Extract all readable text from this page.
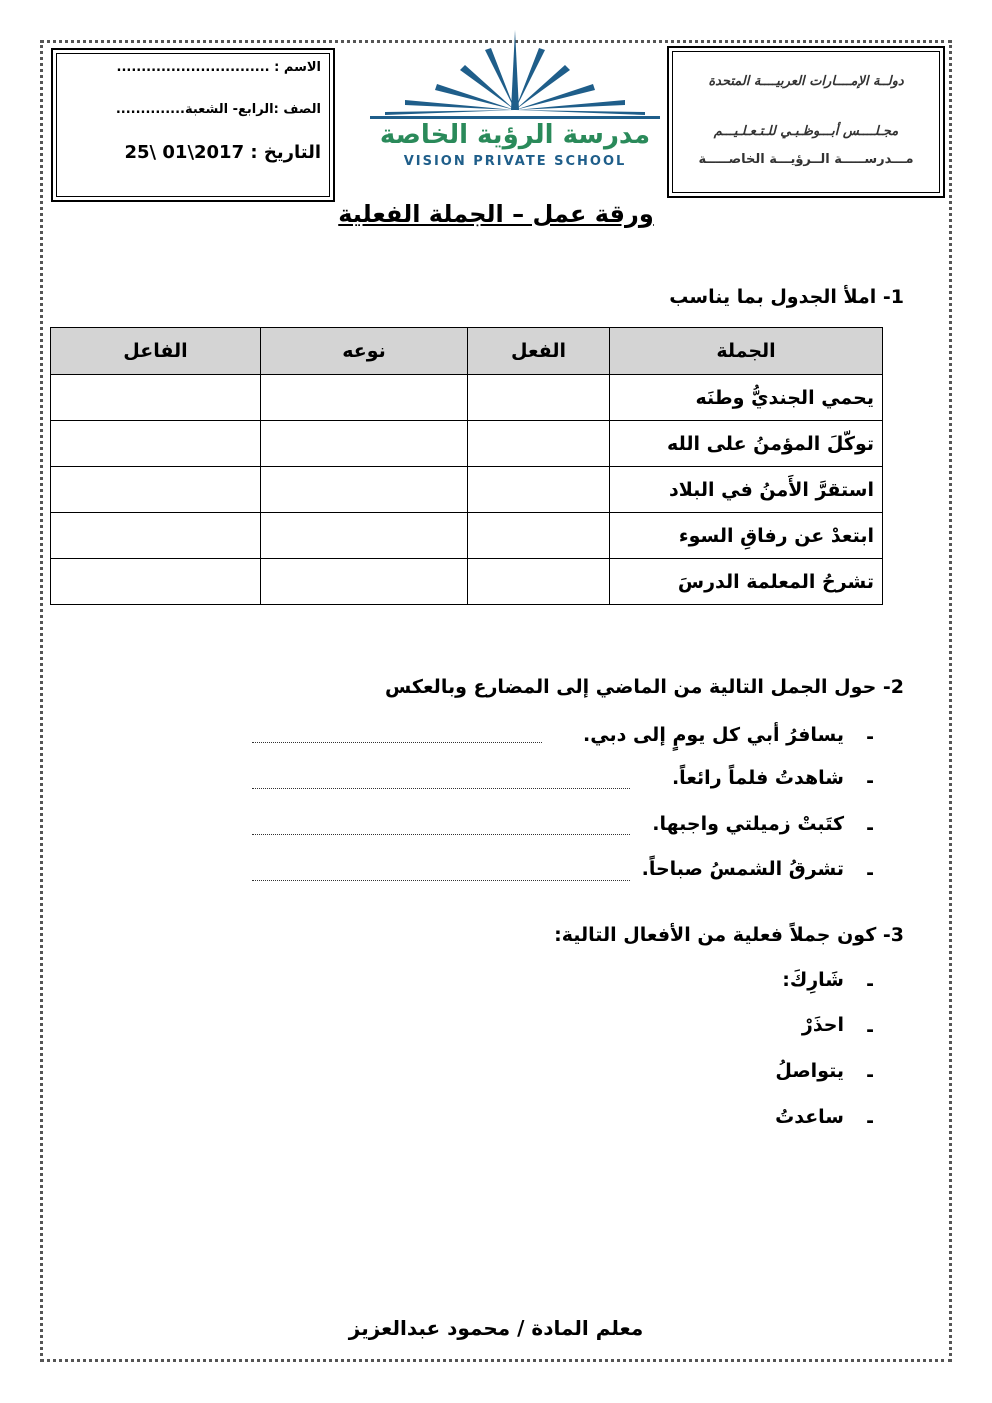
الاسم : ...............................
الصف :الرابع- الشعبة..............
التاريخ : 25\ 01\2017
مدرسة الرؤية الخاصة
VISION PRIVATE SCHOOL
دولــة الإمــــارات العربيــــة المتحدة
مجـلــــس أبـــوظـبـي للـتـعـلـيـــم
مـــدرســـــة الــرؤيـــة الخاصـــــة
ورقة عمل – الجملة الفعلية
1- املأ الجدول بما يناسب
الجملة	الفعل	نوعه	الفاعل
يحمي الجنديُّ وطنَه			
توكّلَ المؤمنُ على الله			
استقرَّ الأَمنُ في البلاد			
ابتعدْ عن رفاقِ السوء			
تشرحُ المعلمة الدرسَ			
2- حول الجمل التالية من الماضي إلى المضارع وبالعكس
-
يسافرُ أبي كل يومٍ إلى دبي.
-
شاهدتُ فلماً رائعاً.
-
كتَبتْ زميلتي واجبها.
-
تشرقُ الشمسُ صباحاً.
3- كون جملاً فعلية من الأفعال التالية:
-
شَارِكَ:
-
احذَرْ
-
يتواصلُ
-
ساعدتُ
معلم المادة / محمود عبدالعزيز
